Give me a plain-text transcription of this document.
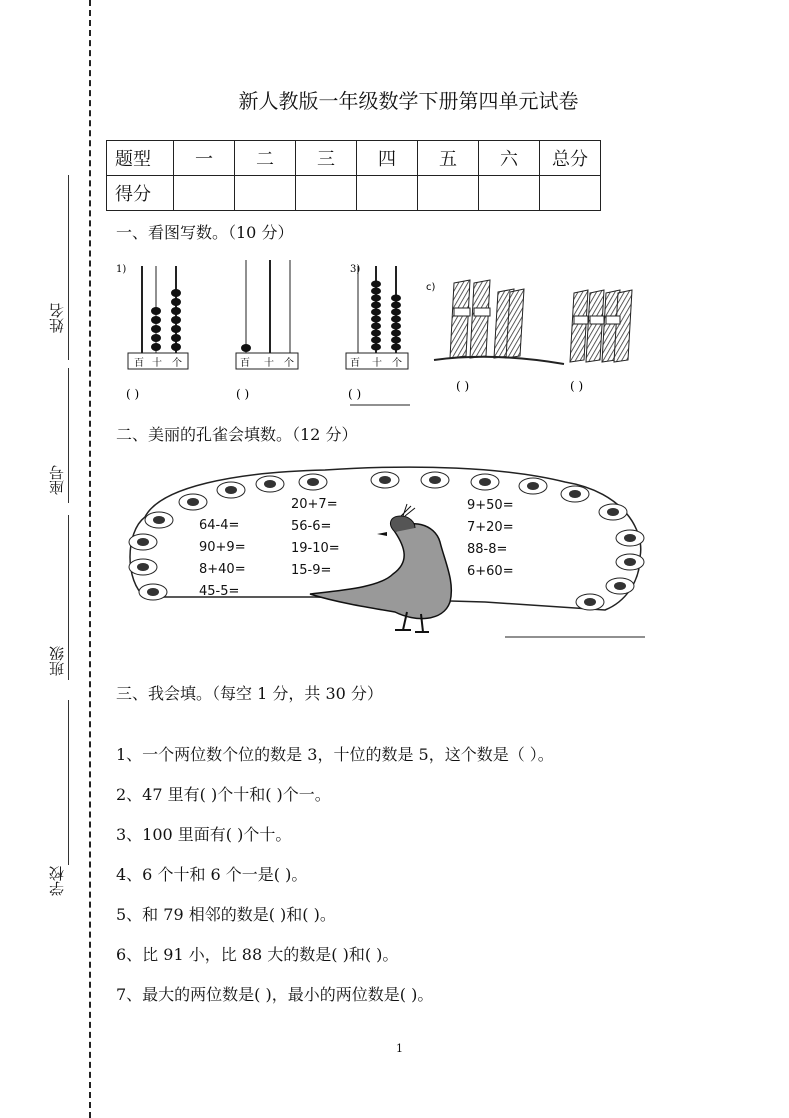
姓名
座号
班级
学校
新人教版一年级数学下册第四单元试卷
题型	一	二	三	四	五	六	总分
得分							
一、看图写数。（10 分）
1)
百 十 个
( )
百 十 个
( )
3)
百 十 个
( )
c)
( )	( )
二、美丽的孔雀会填数。（12 分）
64-4=
90+9=
8+40=
45-5=
20+7=
56-6=
19-10=
15-9=
9+50=
7+20=
88-8=
6+60=
三、我会填。（每空 1 分，共 30 分）
1、一个两位数个位的数是 3，十位的数是 5，这个数是（ ）。
2、47 里有( )个十和( )个一。
3、100 里面有( )个十。
4、6 个十和 6 个一是( )。
5、和 79 相邻的数是( )和( )。
6、比 91 小，比 88 大的数是( )和( )。
7、最大的两位数是( )，最小的两位数是( )。
1
